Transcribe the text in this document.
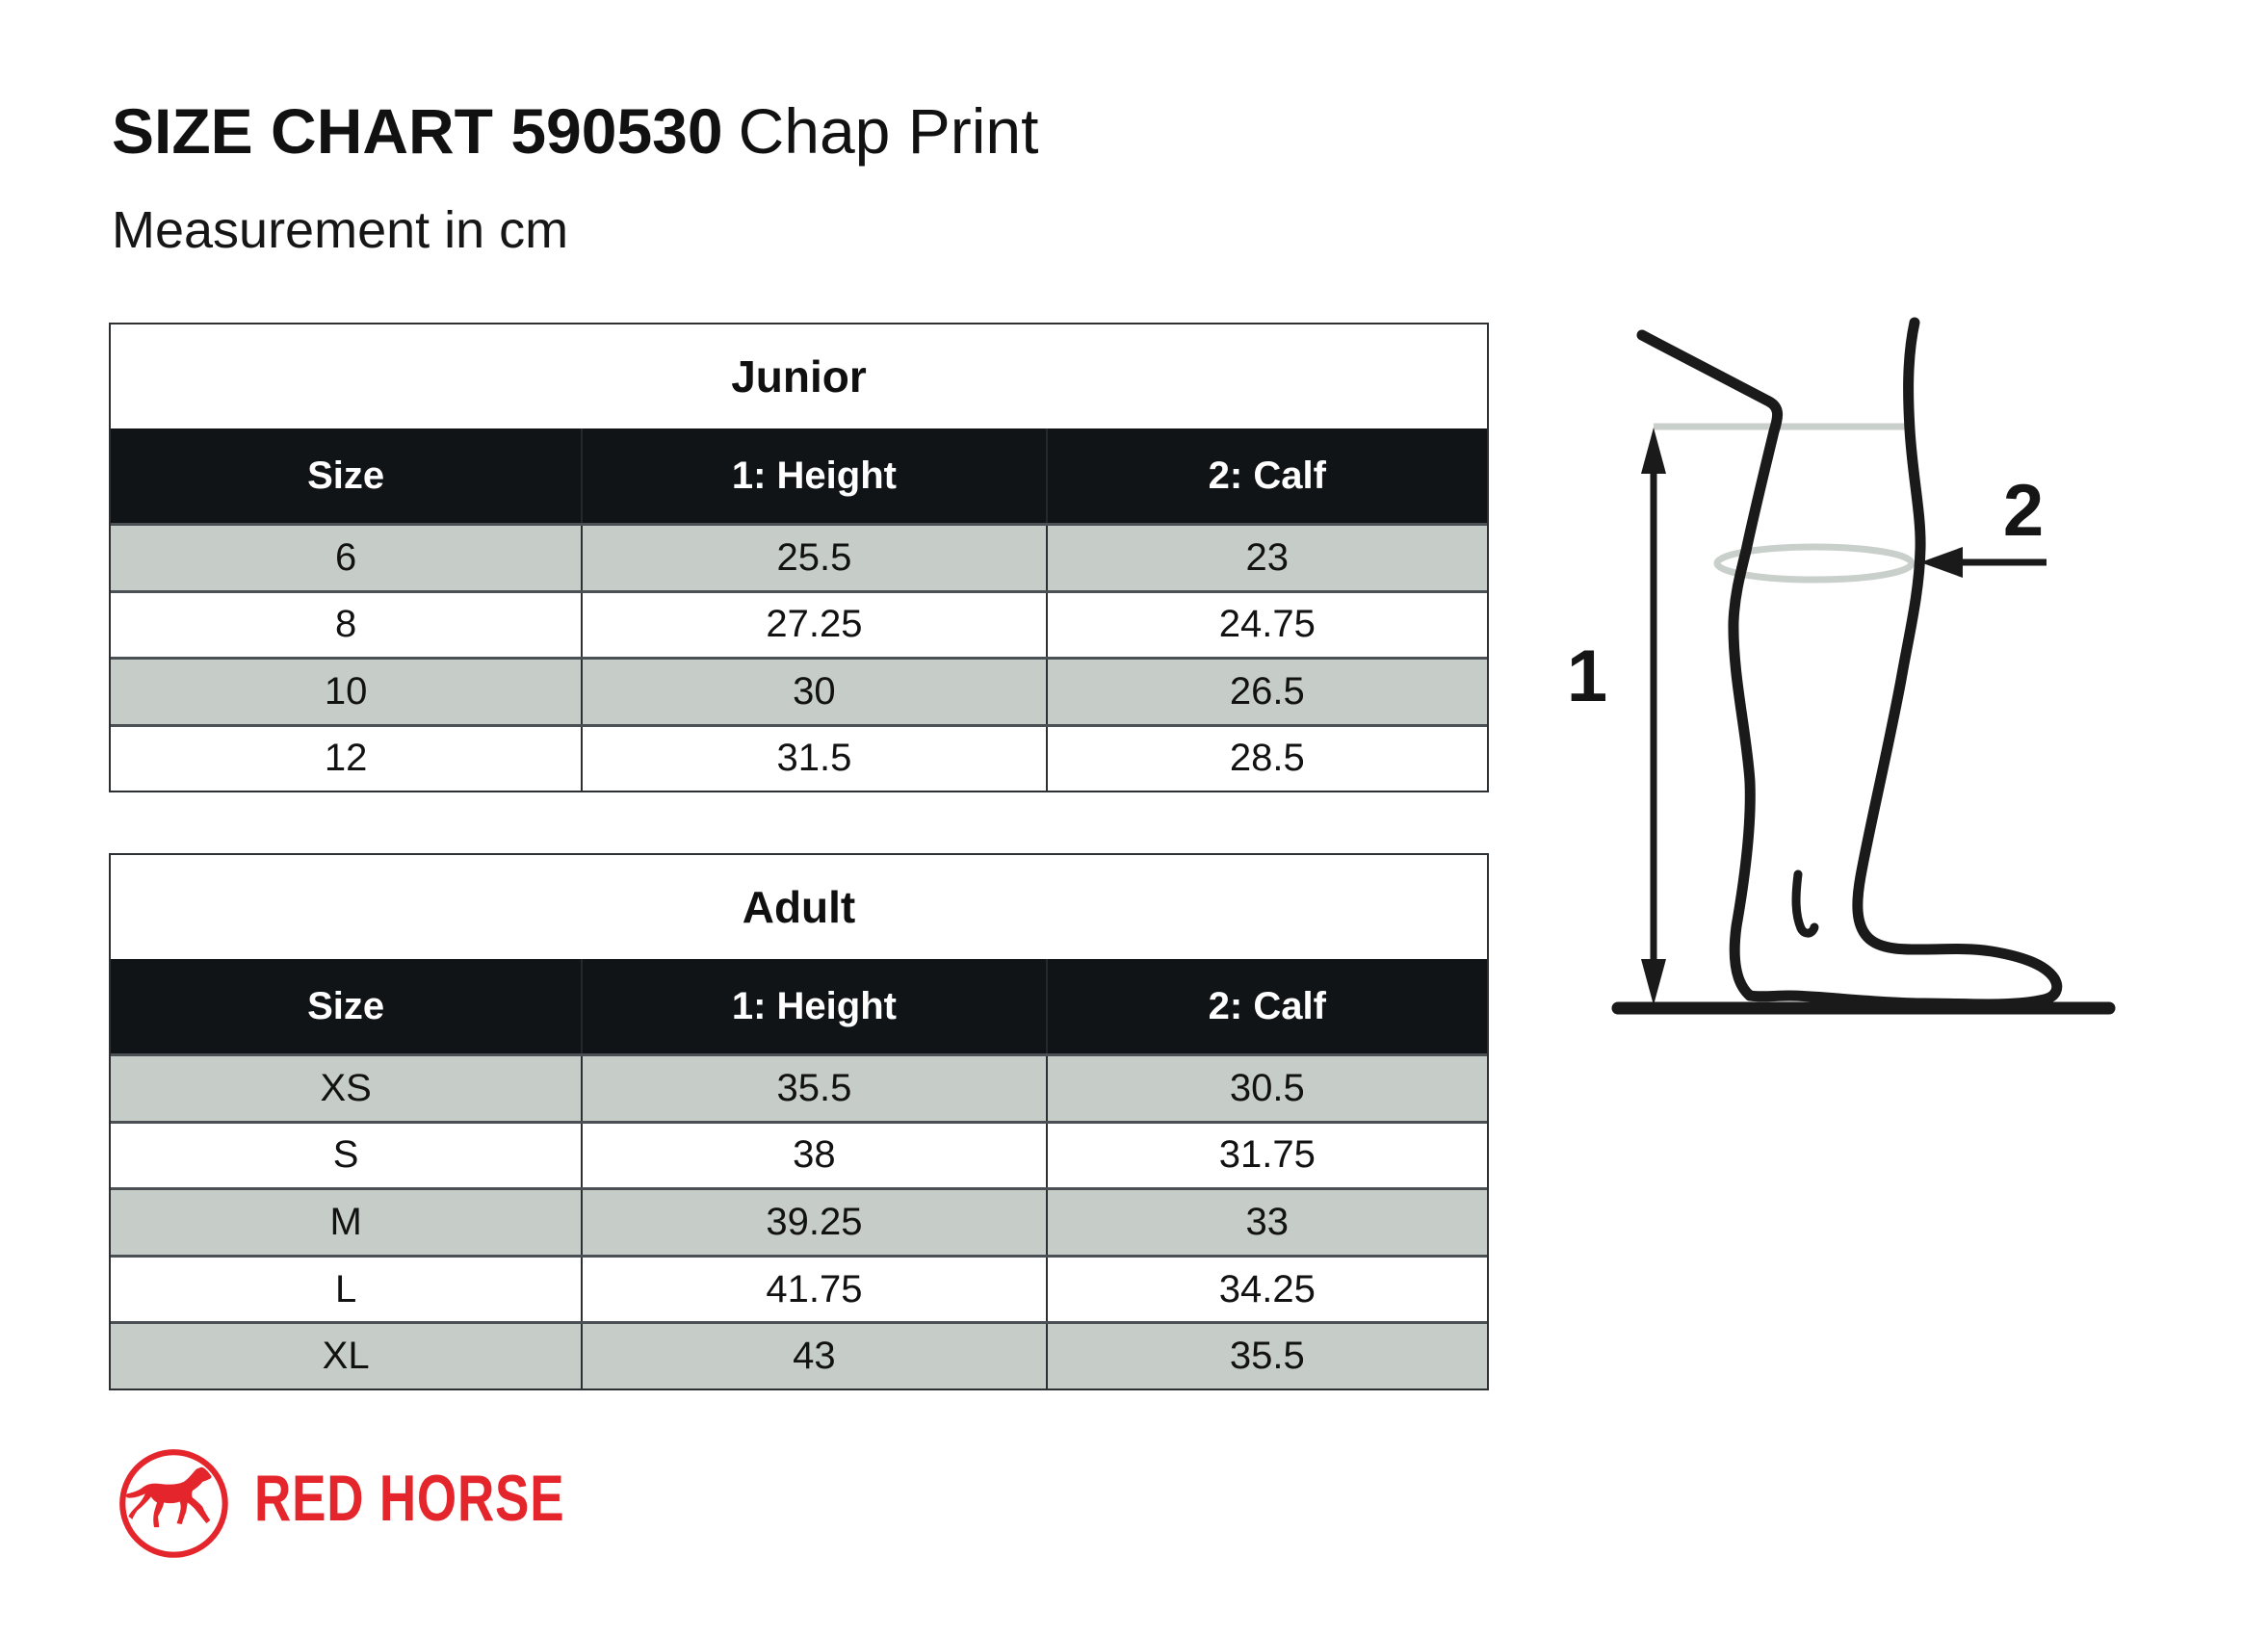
SIZE CHART 590530 Chap Print
Measurement in cm
Junior
Size	1: Height	2: Calf
6	25.5	23
8	27.25	24.75
10	30	26.5
12	31.5	28.5
Adult
Size	1: Height	2: Calf
XS	35.5	30.5
S	38	31.75
M	39.25	33
L	41.75	34.25
XL	43	35.5
1
2
RED HORSE
